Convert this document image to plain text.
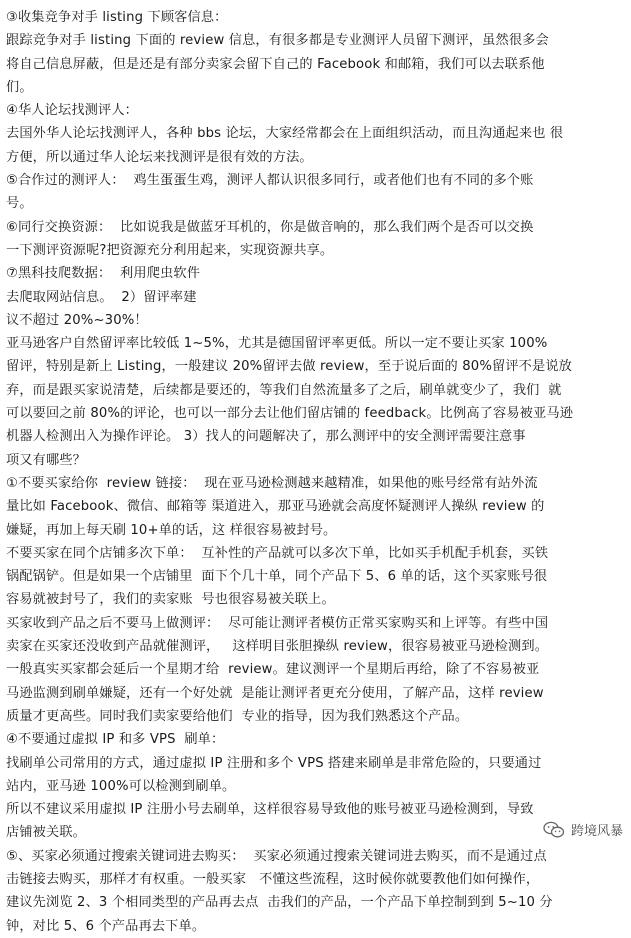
③收集竞争对手 listing 下顾客信息：
跟踪竞争对手 listing 下面的 review 信息，有很多都是专业测评人员留下测评，虽然很多会
将自己信息屏蔽，但是还是有部分卖家会留下自己的 Facebook 和邮箱，我们可以去联系他
们。
④华人论坛找测评人：
去国外华人论坛找测评人，各种 bbs 论坛，大家经常都会在上面组织活动，而且沟通起来也 很
方便，所以通过华人论坛来找测评是很有效的方法。
⑤合作过的测评人：  鸡生蛋蛋生鸡，测评人都认识很多同行，或者他们也有不同的多个账
号。
⑥同行交换资源：  比如说我是做蓝牙耳机的，你是做音响的，那么我们两个是否可以交换
一下测评资源呢?把资源充分利用起来，实现资源共享。
⑦黑科技爬数据：  利用爬虫软件
去爬取网站信息。  2）留评率建
议不超过 20%~30%！
亚马逊客户自然留评率比较低 1~5%，尤其是德国留评率更低。所以一定不要让买家 100%
留评，特别是新上 Listing，一般建议 20%留评去做 review，至于说后面的 80%留评不是说放
弃，而是跟买家说清楚，后续都是要还的，等我们自然流量多了之后，刷单就变少了，我们  就
可以要回之前 80%的评论，也可以一部分去让他们留店铺的 feedback。比例高了容易被亚马逊
机器人检测出入为操作评论。 3）找人的问题解决了，那么测评中的安全测评需要注意事
项又有哪些？
①不要买家给你  review 链接：  现在亚马逊检测越来越精准，如果他的账号经常有站外流
量比如 Facebook、微信、邮箱等 渠道进入，那亚马逊就会高度怀疑测评人操纵 review 的
嫌疑，再加上每天刷 10+单的话，这 样很容易被封号。
不要买家在同个店铺多次下单：  互补性的产品就可以多次下单，比如买手机配手机套，买铁
锅配锅铲。但是如果一个店铺里  面下个几十单，同个产品下 5、6 单的话，这个买家账号很
容易就被封号了，我们的卖家账  号也很容易被关联上。
买家收到产品之后不要马上做测评：  尽可能让测评者模仿正常买家购买和上评等。有些中国
卖家在买家还没收到产品就催测评，   这样明目张胆操纵 review，很容易被亚马逊检测到。
一般真实买家都会延后一个星期才给  review。建议测评一个星期后再给，除了不容易被亚
马逊监测到刷单嫌疑，还有一个好处就  是能让测评者更充分使用，了解产品，这样 review
质量才更高些。同时我们卖家要给他们  专业的指导，因为我们熟悉这个产品。
④不要通过虚拟 IP 和多 VPS  刷单：
找刷单公司常用的方式，通过虚拟 IP 注册和多个 VPS 搭建来刷单是非常危险的，只要通过
站内，亚马逊 100%可以检测到刷单。
所以不建议采用虚拟 IP 注册小号去刷单，这样很容易导致他的账号被亚马逊检测到，导致
店铺被关联。
⑤、买家必须通过搜索关键词进去购买：  买家必须通过搜索关键词进去购买，而不是通过点
击链接去购买，那样才有权重。一般买家   不懂这些流程，这时候你就要教他们如何操作，
建议先浏览 2、3 个相同类型的产品再去点  击我们的产品，一个产品下单控制到到 5~10 分
钟，对比 5、6 个产品再去下单。
跨境风暴
